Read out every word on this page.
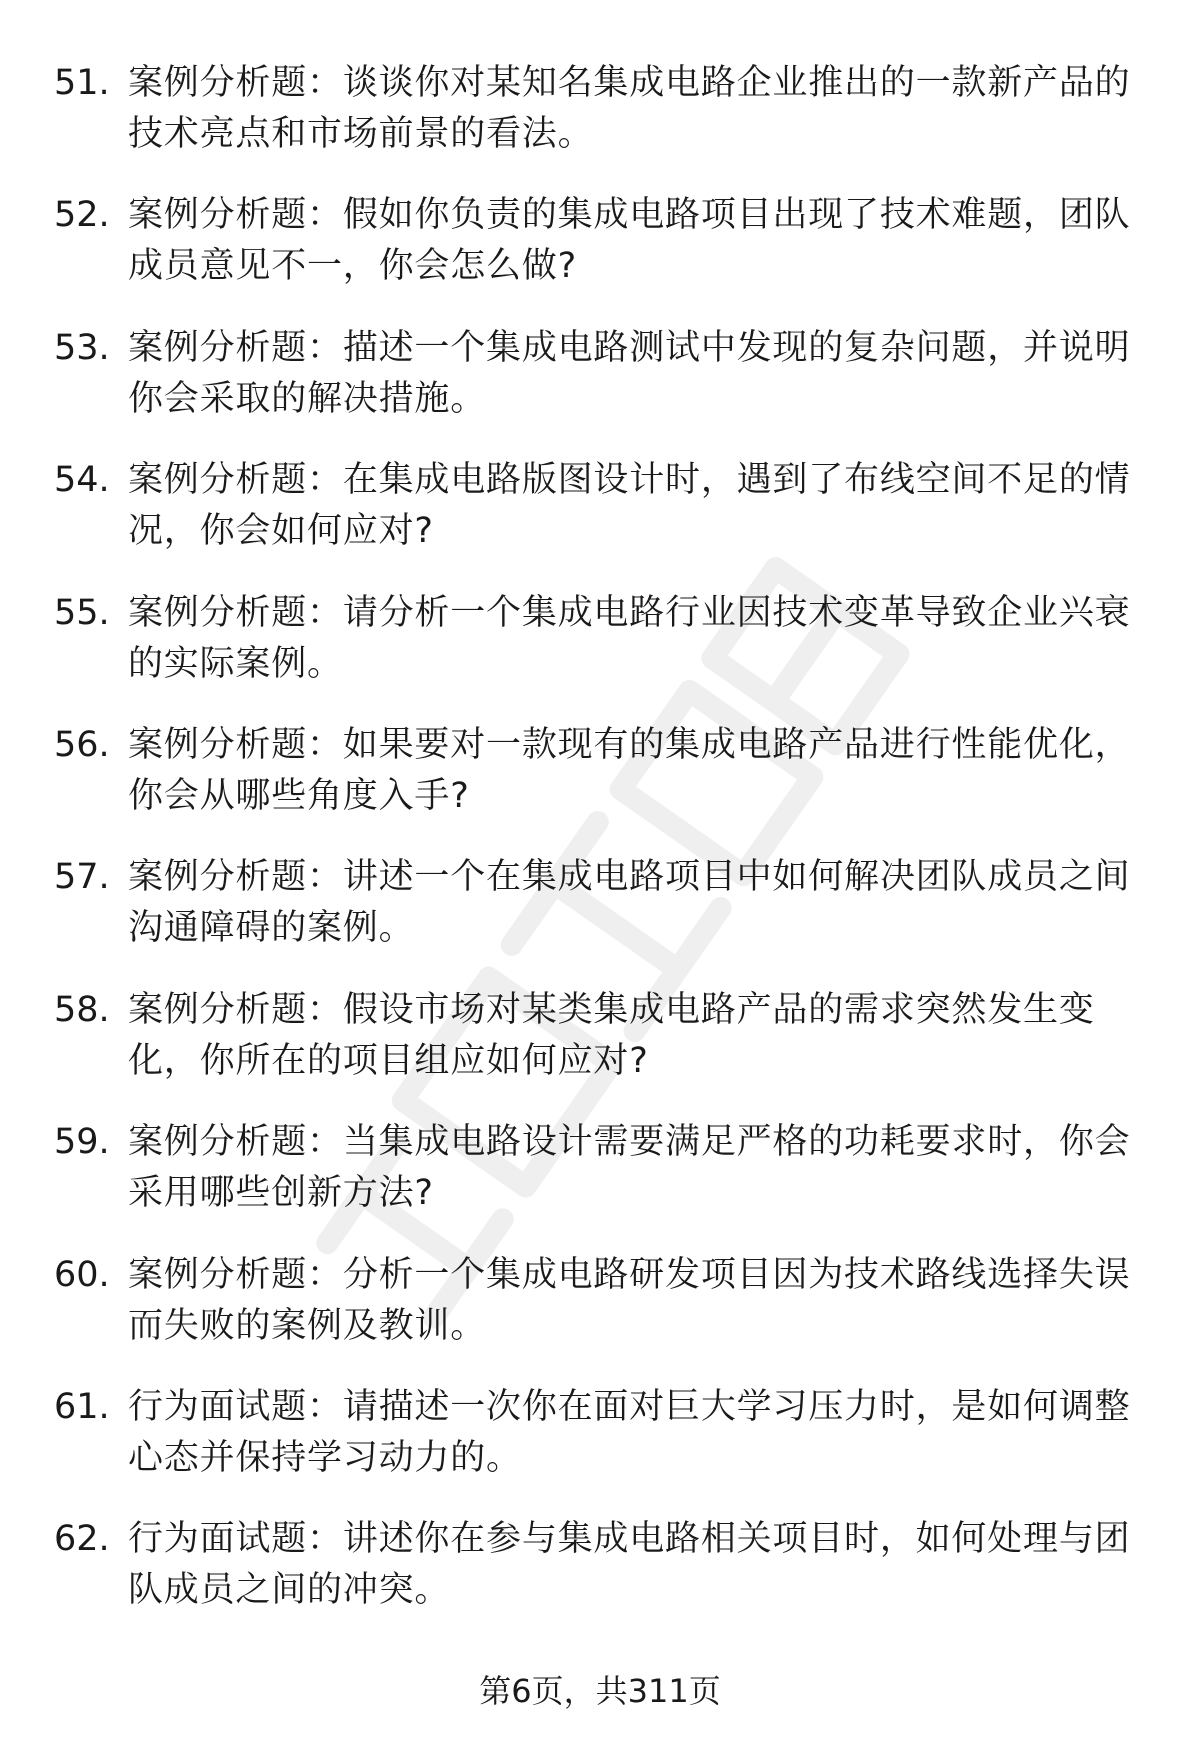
51. 案例分析题：谈谈你对某知名集成电路企业推出的一款新产品的技术亮点和市场前景的看法。

52. 案例分析题：假如你负责的集成电路项目出现了技术难题，团队成员意见不一，你会怎么做?

53. 案例分析题：描述一个集成电路测试中发现的复杂问题，并说明你会采取的解决措施。

54. 案例分析题：在集成电路版图设计时，遇到了布线空间不足的情况，你会如何应对?

55. 案例分析题：请分析一个集成电路行业因技术变革导致企业兴衰的实际案例。

56. 案例分析题：如果要对一款现有的集成电路产品进行性能优化，你会从哪些角度入手?

57. 案例分析题：讲述一个在集成电路项目中如何解决团队成员之间沟通障碍的案例。

58. 案例分析题：假设市场对某类集成电路产品的需求突然发生变化，你所在的项目组应如何应对?

59. 案例分析题：当集成电路设计需要满足严格的功耗要求时，你会采用哪些创新方法?

60. 案例分析题：分析一个集成电路研发项目因为技术路线选择失误而失败的案例及教训。

61. 行为面试题：请描述一次你在面对巨大学习压力时，是如何调整心态并保持学习动力的。

62. 行为面试题：讲述你在参与集成电路相关项目时，如何处理与团队成员之间的冲突。

第6页，共311页
